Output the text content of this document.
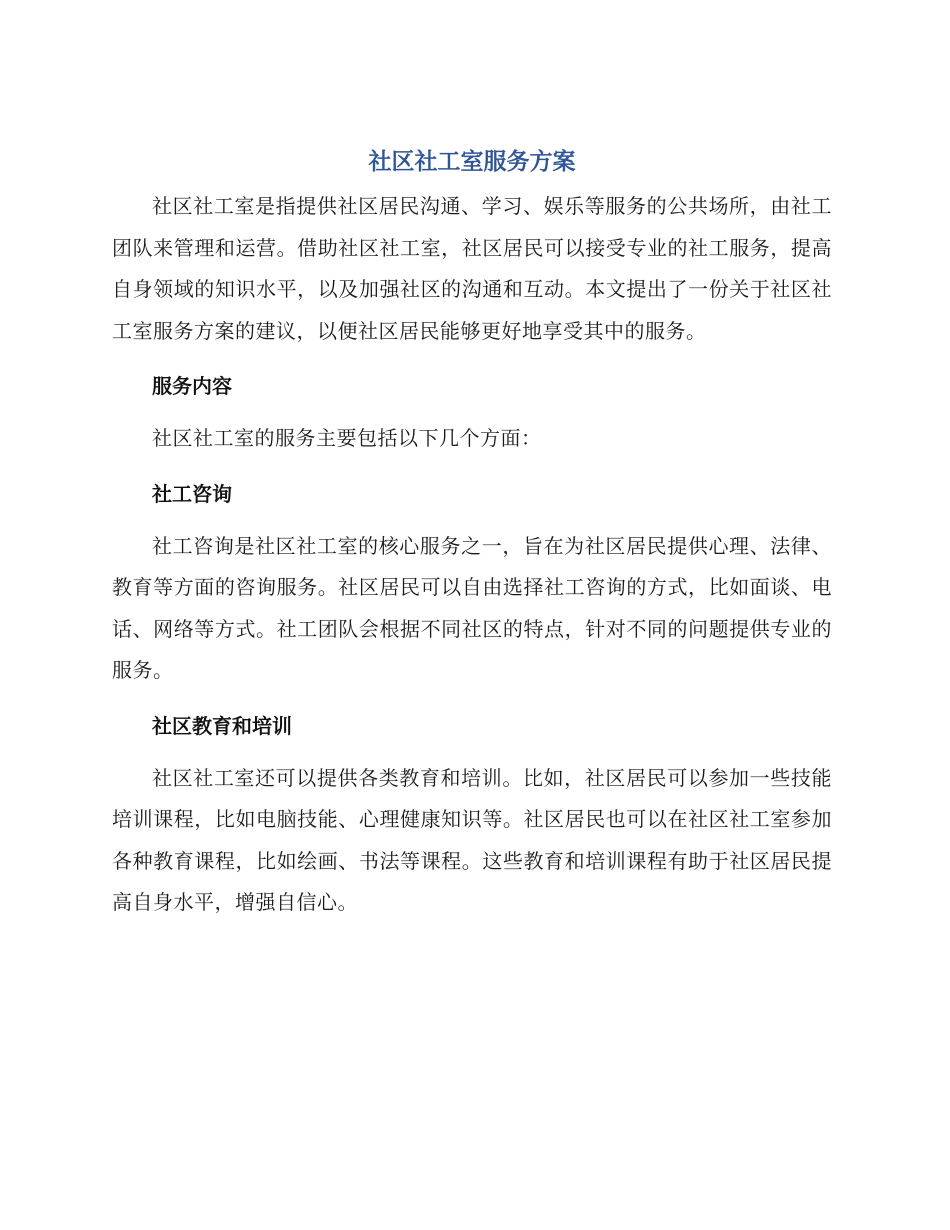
社区社工室服务方案

社区社工室是指提供社区居民沟通、学习、娱乐等服务的公共场所，由社工团队来管理和运营。借助社区社工室，社区居民可以接受专业的社工服务，提高自身领域的知识水平，以及加强社区的沟通和互动。本文提出了一份关于社区社工室服务方案的建议，以便社区居民能够更好地享受其中的服务。

服务内容

社区社工室的服务主要包括以下几个方面：

社工咨询

社工咨询是社区社工室的核心服务之一，旨在为社区居民提供心理、法律、教育等方面的咨询服务。社区居民可以自由选择社工咨询的方式，比如面谈、电话、网络等方式。社工团队会根据不同社区的特点，针对不同的问题提供专业的服务。

社区教育和培训

社区社工室还可以提供各类教育和培训。比如，社区居民可以参加一些技能培训课程，比如电脑技能、心理健康知识等。社区居民也可以在社区社工室参加各种教育课程，比如绘画、书法等课程。这些教育和培训课程有助于社区居民提高自身水平，增强自信心。
